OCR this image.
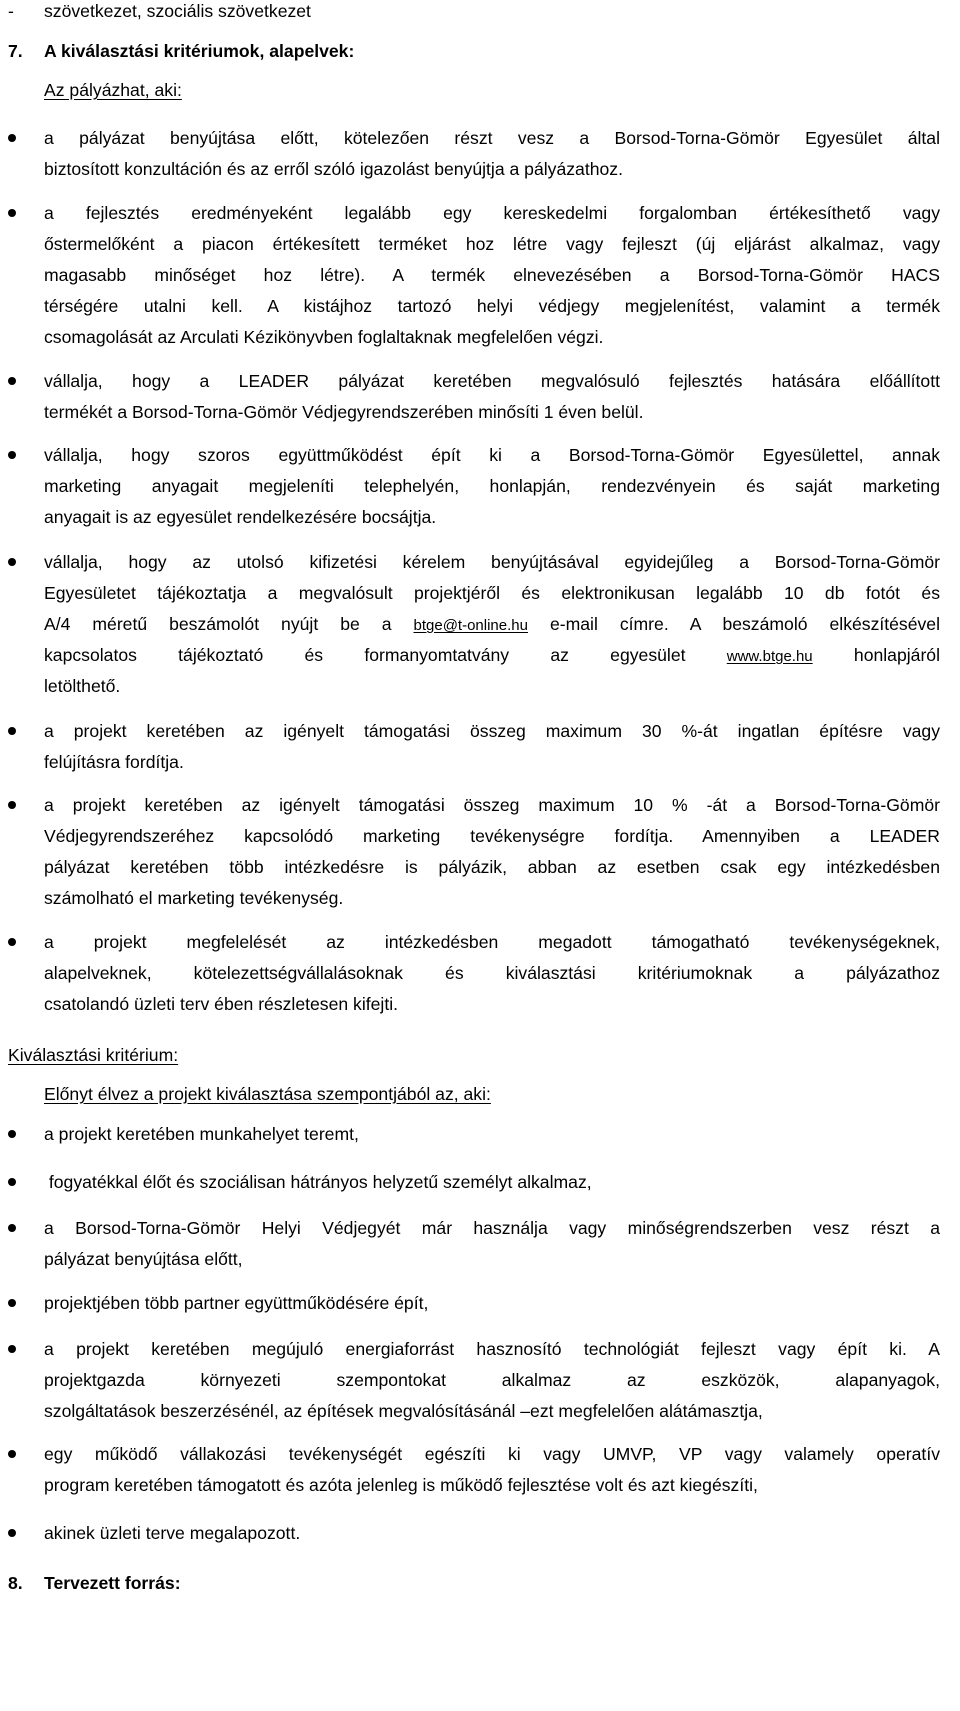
- szövetkezet, szociális szövetkezet
7. A kiválasztási kritériumok, alapelvek:
Az pályázhat, aki:
a pályázat benyújtása előtt, kötelezően részt vesz a Borsod-Torna-Gömör Egyesület által
biztosított konzultáción és az erről szóló igazolást benyújtja a pályázathoz.
a fejlesztés eredményeként legalább egy kereskedelmi forgalomban értékesíthető vagy
őstermelőként a piacon értékesített terméket hoz létre vagy fejleszt (új eljárást alkalmaz, vagy
magasabb minőséget hoz létre). A termék elnevezésében a Borsod-Torna-Gömör HACS
térségére utalni kell. A kistájhoz tartozó helyi védjegy megjelenítést, valamint a termék
csomagolását az Arculati Kézikönyvben foglaltaknak megfelelően végzi.
vállalja, hogy a LEADER pályázat keretében megvalósuló fejlesztés hatására előállított
termékét a Borsod-Torna-Gömör Védjegyrendszerében minősíti 1 éven belül.
vállalja, hogy szoros együttműködést épít ki a Borsod-Torna-Gömör Egyesülettel, annak
marketing anyagait megjeleníti telephelyén, honlapján, rendezvényein és saját marketing
anyagait is az egyesület rendelkezésére bocsájtja.
vállalja, hogy az utolsó kifizetési kérelem benyújtásával egyidejűleg a Borsod-Torna-Gömör
Egyesületet tájékoztatja a megvalósult projektjéről és elektronikusan legalább 10 db fotót és
A/4 méretű beszámolót nyújt be a btge@t-online.hu e-mail címre. A beszámoló elkészítésével
kapcsolatos tájékoztató és formanyomtatvány az egyesület www.btge.hu honlapjáról
letölthető.
a projekt keretében az igényelt támogatási összeg maximum 30 %-át ingatlan építésre vagy
felújításra fordítja.
a projekt keretében az igényelt támogatási összeg maximum 10 % -át a Borsod-Torna-Gömör
Védjegyrendszeréhez kapcsolódó marketing tevékenységre fordítja. Amennyiben a LEADER
pályázat keretében több intézkedésre is pályázik, abban az esetben csak egy intézkedésben
számolható el marketing tevékenység.
a projekt megfelelését az intézkedésben megadott támogatható tevékenységeknek,
alapelveknek, kötelezettségvállalásoknak és kiválasztási kritériumoknak a pályázathoz
csatolandó üzleti terv ében részletesen kifejti.
Kiválasztási kritérium:
Előnyt élvez a projekt kiválasztása szempontjából az, aki:
a projekt keretében munkahelyet teremt,
fogyatékkal élőt és szociálisan hátrányos helyzetű személyt alkalmaz,
a Borsod-Torna-Gömör Helyi Védjegyét már használja vagy minőségrendszerben vesz részt a
pályázat benyújtása előtt,
projektjében több partner együttműködésére épít,
a projekt keretében megújuló energiaforrást hasznosító technológiát fejleszt vagy épít ki. A
projektgazda környezeti szempontokat alkalmaz az eszközök, alapanyagok,
szolgáltatások beszerzésénél, az építések megvalósításánál –ezt megfelelően alátámasztja,
egy működő vállakozási tevékenységét egészíti ki vagy UMVP, VP vagy valamely operatív
program keretében támogatott és azóta jelenleg is működő fejlesztése volt és azt kiegészíti,
akinek üzleti terve megalapozott.
8. Tervezett forrás:
